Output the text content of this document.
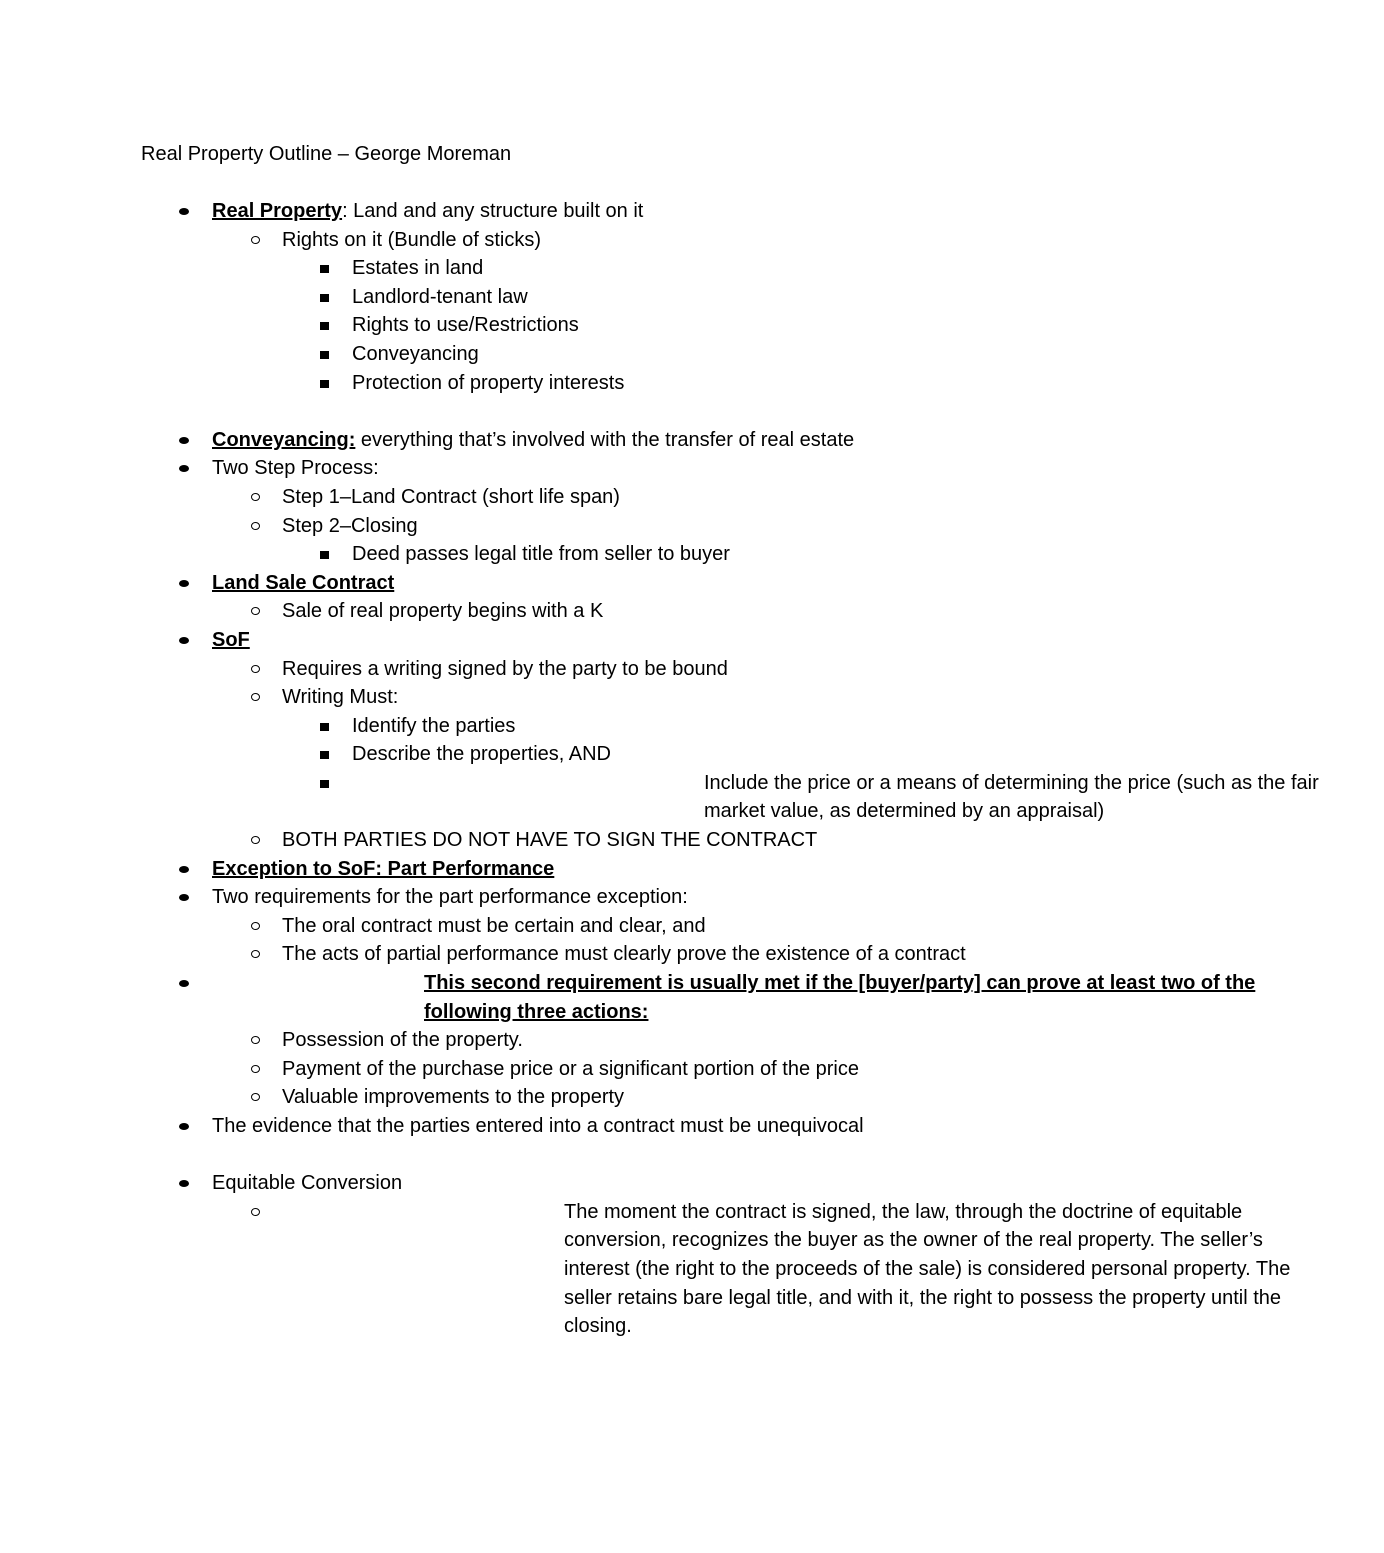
Real Property Outline – George Moreman
Real Property: Land and any structure built on it
Rights on it (Bundle of sticks)
Estates in land
Landlord-tenant law
Rights to use/Restrictions
Conveyancing
Protection of property interests
Conveyancing: everything that’s involved with the transfer of real estate
Two Step Process:
Step 1–Land Contract (short life span)
Step 2–Closing
Deed passes legal title from seller to buyer
Land Sale Contract
Sale of real property begins with a K
SoF
Requires a writing signed by the party to be bound
Writing Must:
Identify the parties
Describe the properties, AND
Include the price or a means of determining the price (such as the fair market value, as determined by an appraisal)
BOTH PARTIES DO NOT HAVE TO SIGN THE CONTRACT
Exception to SoF: Part Performance
Two requirements for the part performance exception:
The oral contract must be certain and clear, and
The acts of partial performance must clearly prove the existence of a contract
This second requirement is usually met if the [buyer/party] can prove at least two of the following three actions:
Possession of the property.
Payment of the purchase price or a significant portion of the price
Valuable improvements to the property
The evidence that the parties entered into a contract must be unequivocal
Equitable Conversion
The moment the contract is signed, the law, through the doctrine of equitable conversion, recognizes the buyer as the owner of the real property. The seller’s interest (the right to the proceeds of the sale) is considered personal property. The seller retains bare legal title, and with it, the right to possess the property until the closing.
